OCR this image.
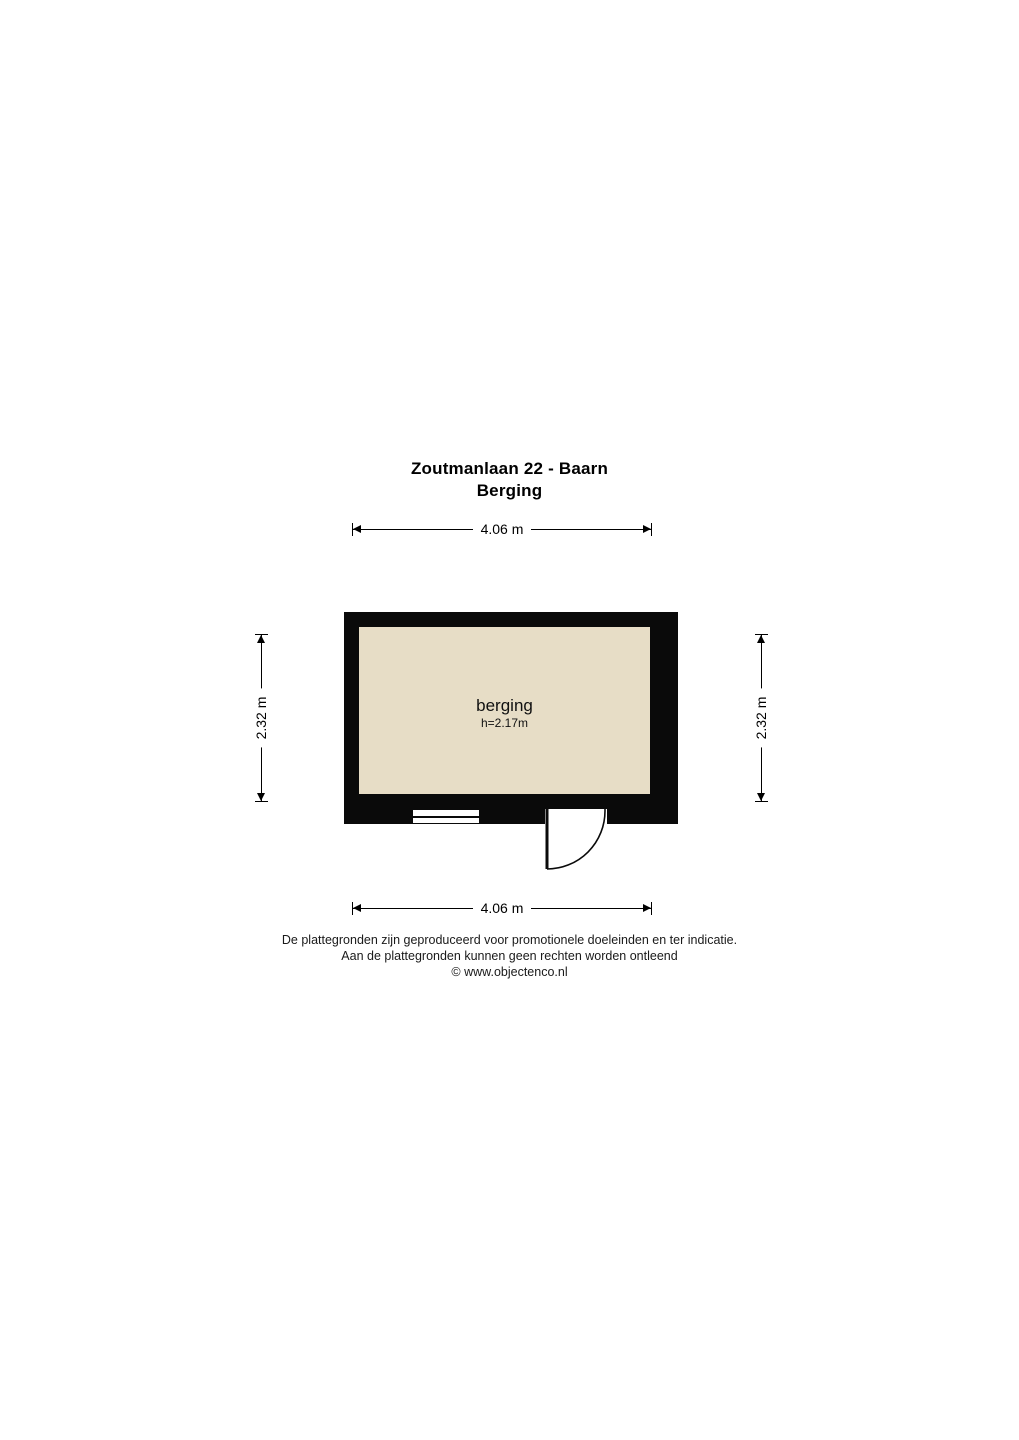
Zoutmanlaan 22 - Baarn
Berging
4.06 m
2.32 m	2.32 m
berging
h=2.17m
4.06 m
De plattegronden zijn geproduceerd voor promotionele doeleinden en ter indicatie.
Aan de plattegronden kunnen geen rechten worden ontleend
© www.objectenco.nl
